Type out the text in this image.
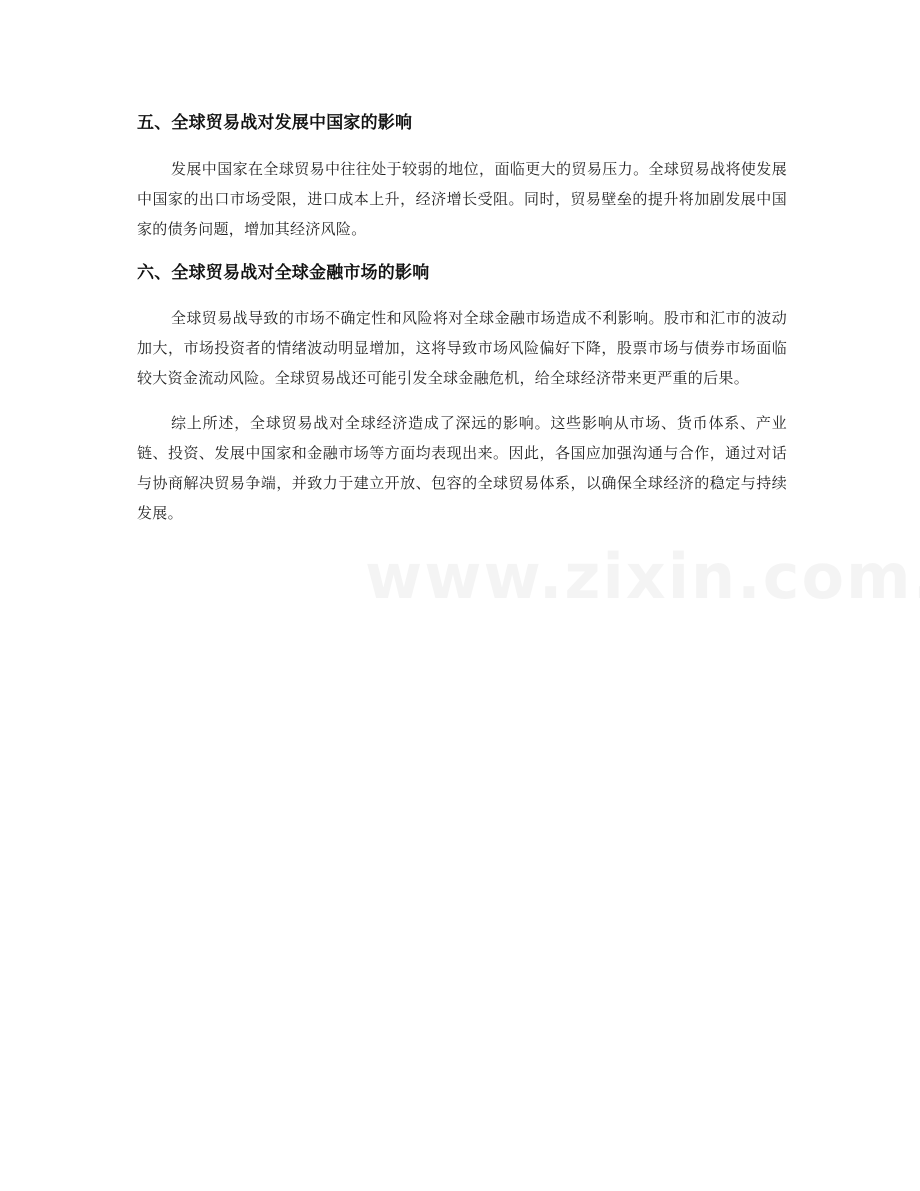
五、全球贸易战对发展中国家的影响

发展中国家在全球贸易中往往处于较弱的地位，面临更大的贸易压力。全球贸易战将使发展中国家的出口市场受限，进口成本上升，经济增长受阻。同时，贸易壁垒的提升将加剧发展中国家的债务问题，增加其经济风险。

六、全球贸易战对全球金融市场的影响

全球贸易战导致的市场不确定性和风险将对全球金融市场造成不利影响。股市和汇市的波动加大，市场投资者的情绪波动明显增加，这将导致市场风险偏好下降，股票市场与债券市场面临较大资金流动风险。全球贸易战还可能引发全球金融危机，给全球经济带来更严重的后果。

综上所述，全球贸易战对全球经济造成了深远的影响。这些影响从市场、货币体系、产业链、投资、发展中国家和金融市场等方面均表现出来。因此，各国应加强沟通与合作，通过对话与协商解决贸易争端，并致力于建立开放、包容的全球贸易体系，以确保全球经济的稳定与持续发展。
